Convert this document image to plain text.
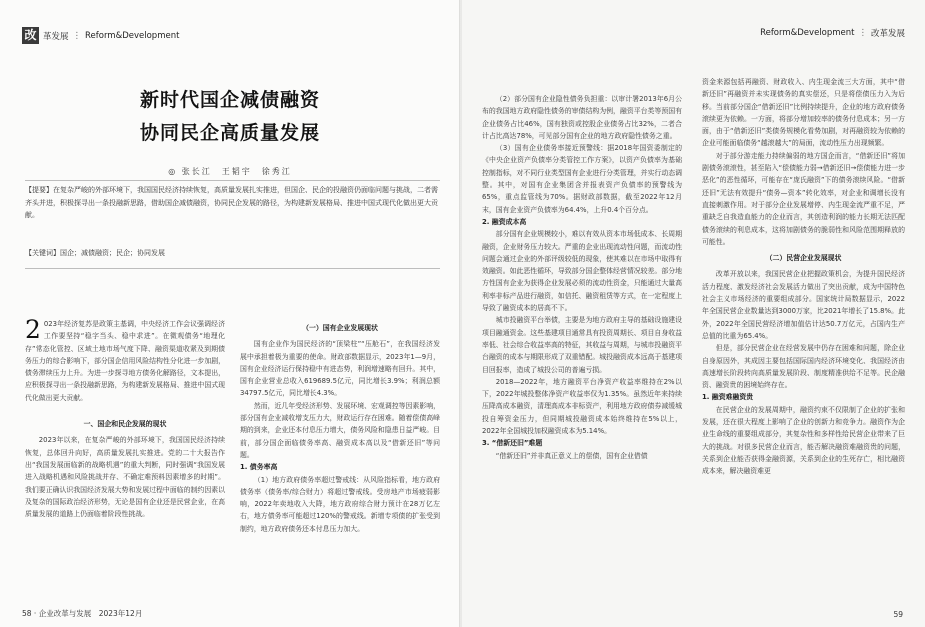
改 革发展 ⋮ Reform&Development
新时代国企减债融资
协同民企高质量发展
◎ 张长江　王韬宇　徐秀江
【提要】在复杂严峻的外部环境下，我国国民经济持续恢复，高质量发展扎实推进，但国企、民企的投融资仍面临问题与挑战，二者需齐头并进，积极探寻出一条投融新思路，借助国企减债融资，协同民企发展的路径，为构建新发展格局、推进中国式现代化做出更大贡献。
【关键词】国企；减债融资；民企；协同发展

2 023年经济复苏是政策主基调，中央经济工作会议强调经济工作要坚持“稳字当头、稳中求进”。在微观债务“地理化存”常态化管控、区域土地市场气度下降、融资渠道收紧及到期债务压力的综合影响下，部分国企信用风险结构性分化进一步加剧，债务滞续压力上升。为进一步探寻地方债务化解路径，文本提出，应积极探寻出一条投融新思路，为构建新发展格局、推进中国式现代化做出更大贡献。

一、国企和民企发展的现状

2023年以来，在复杂严峻的外部环境下，我国国民经济持续恢复，总体回升向好，高质量发展扎实推进。党的二十大报告作出“我国发展面临新的战略机遇”的重大判断，同时强调“我国发展进入战略机遇和风险挑战并存、不确定难预料因素增多的时期”。我们要正确认识我国经济发展大势和发展过程中面临的制约因素以及复杂的国际政治经济形势，无论是国有企业还是民营企业，在高质量发展的道路上仍面临着阶段性挑战。

（一）国有企业发展现状

国有企业作为国民经济的“顶梁柱”“压舱石”，在我国经济发展中承担着极为重要的使命。财政部数据显示，2023年1—9月，国有企业经济运行保持稳中有进态势，利润增速略有回升。其中，国有企业营业总收入619689.5亿元，同比增长3.9%；利润总额34797.5亿元，同比增长4.3%。

然而，近几年受经济形势、发展环境、宏观调控等因素影响，部分国有企业减收增支压力大，财政运行存在困难。随着偿债高峰期的到来，企业还本付息压力增大，债务风险和隐患日益严峻。目前，部分国企面临债务率高、融资成本高以及“借新还旧”等问题。

1. 债务率高

（1）地方政府债务率超过警戒线：从风险指标看，地方政府债务率（债务率/综合财力）将超过警戒线。受房地产市场疲弱影响，2022年卖地收入大降，地方政府综合财力预计在28万亿左右，地方债务率可能超过120%的警戒线。新增专项债的扩张受到制约，地方政府债务还本付息压力加大。

58 · 企业改革与发展　2023年12月
Reform&Development ⋮ 改革发展

（2）部分国有企业隐性债务负担重：以审计署2013年6月公布的我国地方政府隐性债务的审债结构为例，融资平台类等预国有企业债务占比46%，国有独资或控股企业债务占比32%，二者合计占比高达78%，可见部分国有企业的地方政府隐性债务之重。

（3）国有企业债务率接近预警线：据2018年国资委制定的《中央企业资产负债率分类管控工作方案》，以资产负债率为基础控制指标，对不同行业类型国有企业进行分类管理，并实行动态调整。其中，对国有企业集团含并报表资产负债率的预警线为65%，重点监管线为70%。据财政部数据，截至2022年12月末，国有企业资产负债率为64.4%，上升0.4个百分点。

2. 融资成本高

部分国有企业规模较小，难以有效从资本市场低成本、长周期融资，企业财务压力较大。严重的企业出现流动性问题，而流动性问题会通过企业的外部评级较低的现象，使其难以在市场中取得有效融资。如此恶性循环，导致部分国企整体经营情况较差。部分地方性国有企业为获得企业发展必须的流动性资金，只能通过大量高利率非标产品进行融资，如信托、融资租赁等方式，在一定程度上导致了融资成本的居高不下。

城市投融资平台举债，主要是为地方政府主导的基础设施建设项目融通资金。这些基建项目通常具有投资周期长、项目自身收益率低、社会综合收益率高的特征，其收益与周期，与城市投融资平台融资的成本与期限形成了双重错配。城投融资成本远高于基建项目回报率，造成了城投公司的普遍亏损。

2018—2022年，地方融资平台净资产收益率维持在2%以下，2022年城投整体净资产收益率仅为1.35%。虽然近年来持续压降高成本融资，清理高成本非标资产，利用地方政府债券减缓城投自筹资金压力，但同期城投融资成本始终维持在5%以上，2022年全国城投加权融资成本为5.14%。

3. “借新还旧”难题

“借新还旧”并非真正意义上的偿债，国有企业借债

资金来源包括再融资、财政收入、内生现金流三大方面，其中“借新还旧”再融资并未实现债务的真实偿还，只是将偿债压力入为后移。当前部分国企“借新还旧”比例持续提升，企业的地方政府债务滚续更为依赖。一方面，将部分增加较率的债务付息成本；另一方面，由于“借新还旧”类债务规模化看势加剧，对再融资较为依赖的企业可能面临债务“越滚越大”的局面，流动性压力出现频繁。

对于部分游走能力持续偏弱的地方国企而言，“借新还旧”将加剧债务滚滚性，甚至陷入“偿债能力弱→借新还旧→偿债能力进一步恶化”的恶性循环，可能存在“庞氏融资”下的债务滚续风险。“借新还旧”无法有效提升“债务—资本”转化效率，对企业和调增长没有直接刺激作用。对于部分企业发展增停、内生现金流严重不足，严重缺乏自我造血能力的企业而言，其创造利润的能力长期无法匹配债务滚续的利息成本，这将加剧债务的脆弱性和风险范围期释放的可能性。

（二）民营企业发展现状

改革开放以来，我国民营企业把握政策机会，为提升国民经济活力程度、激发经济社会发展活力做出了突出贡献，成为中国特色社会主义市场经济的重要组成部分。国家统计局数据显示，2022年全国民营企业数量达到3000万家，比2021年增长了15.8%。此外，2022年全国民营经济增加值估计达50.7万亿元，占国内生产总值的比重为65.4%。

但是，部分民营企业在经营发展中仍存在困难和问题，除企业自身原因外，其成因主要包括国际国内经济环境变化、我国经济由高速增长阶段转向高质量发展阶段、制度精准供给不足等。民企融资、融资贵的困境始终存在。

1. 融资难融资贵

在民营企业的发展周期中，融资约束不仅限制了企业的扩张和发展，还在很大程度上影响了企业的创新力和竞争力。融资作为企业生命线的重要组成部分，其复杂性和多样性给民营企业带来了巨大的挑战。对很多民营企业而言，能否解决融资难融资贵的问题，关系到企业能否获得金融资源，关系到企业的生死存亡，相比融资成本来，解决融资难更

59
